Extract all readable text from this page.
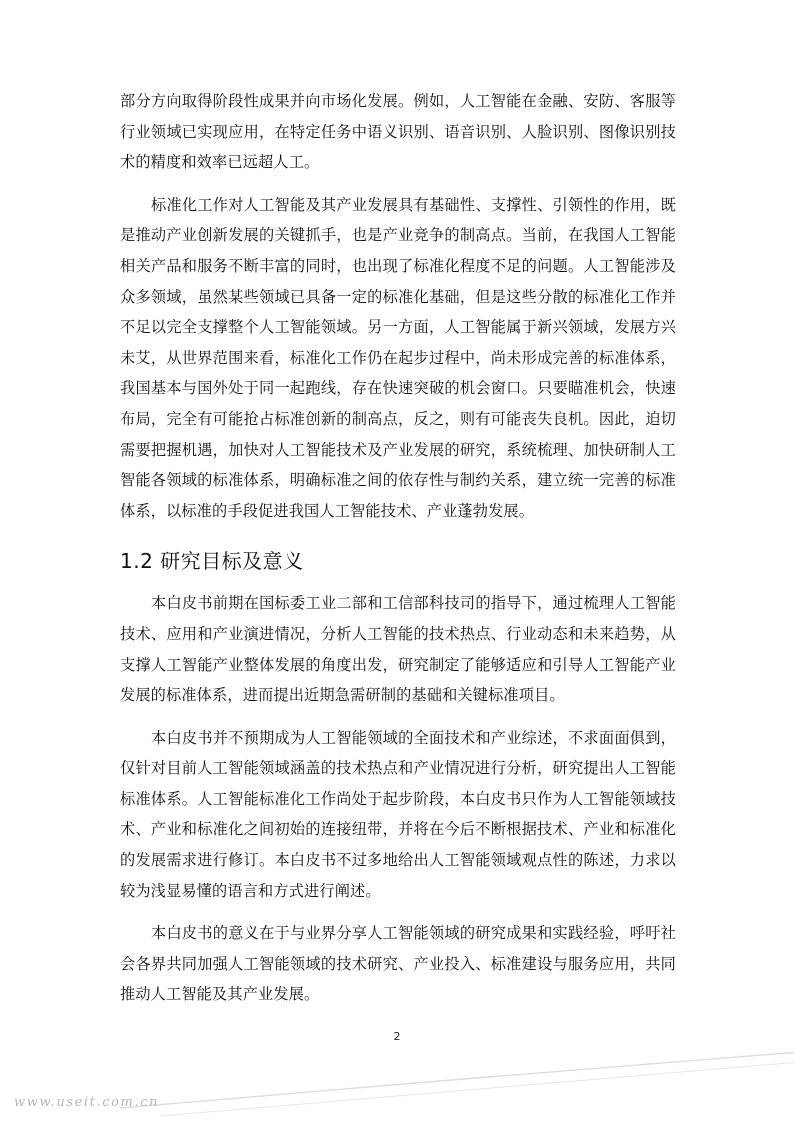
部分方向取得阶段性成果并向市场化发展。例如，人工智能在金融、安防、客服等行业领域已实现应用，在特定任务中语义识别、语音识别、人脸识别、图像识别技术的精度和效率已远超人工。

标准化工作对人工智能及其产业发展具有基础性、支撑性、引领性的作用，既是推动产业创新发展的关键抓手，也是产业竞争的制高点。当前，在我国人工智能相关产品和服务不断丰富的同时，也出现了标准化程度不足的问题。人工智能涉及众多领域，虽然某些领域已具备一定的标准化基础，但是这些分散的标准化工作并不足以完全支撑整个人工智能领域。另一方面，人工智能属于新兴领域，发展方兴未艾，从世界范围来看，标准化工作仍在起步过程中，尚未形成完善的标准体系，我国基本与国外处于同一起跑线，存在快速突破的机会窗口。只要瞄准机会，快速布局，完全有可能抢占标准创新的制高点，反之，则有可能丧失良机。因此，迫切需要把握机遇，加快对人工智能技术及产业发展的研究，系统梳理、加快研制人工智能各领域的标准体系，明确标准之间的依存性与制约关系，建立统一完善的标准体系，以标准的手段促进我国人工智能技术、产业蓬勃发展。

1.2 研究目标及意义

本白皮书前期在国标委工业二部和工信部科技司的指导下，通过梳理人工智能技术、应用和产业演进情况，分析人工智能的技术热点、行业动态和未来趋势，从支撑人工智能产业整体发展的角度出发，研究制定了能够适应和引导人工智能产业发展的标准体系，进而提出近期急需研制的基础和关键标准项目。

本白皮书并不预期成为人工智能领域的全面技术和产业综述，不求面面俱到，仅针对目前人工智能领域涵盖的技术热点和产业情况进行分析，研究提出人工智能标准体系。人工智能标准化工作尚处于起步阶段，本白皮书只作为人工智能领域技术、产业和标准化之间初始的连接纽带，并将在今后不断根据技术、产业和标准化的发展需求进行修订。本白皮书不过多地给出人工智能领域观点性的陈述，力求以较为浅显易懂的语言和方式进行阐述。

本白皮书的意义在于与业界分享人工智能领域的研究成果和实践经验，呼吁社会各界共同加强人工智能领域的技术研究、产业投入、标准建设与服务应用，共同推动人工智能及其产业发展。

2
www.useit.com.cn
